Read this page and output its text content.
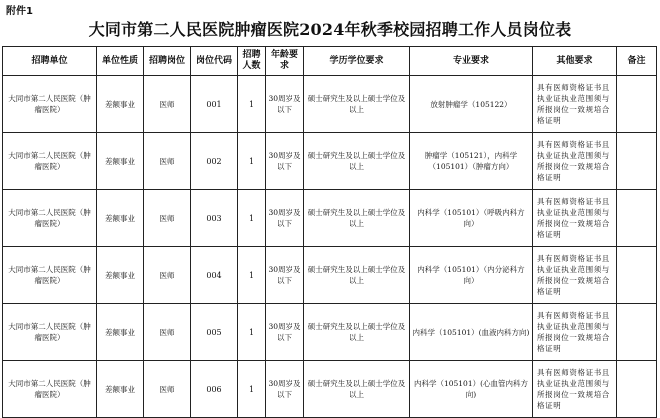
附件1
大同市第二人民医院肿瘤医院2024年秋季校园招聘工作人员岗位表
招聘单位	单位性质	招聘岗位	岗位代码	招聘人数	年龄要求	学历学位要求	专业要求	其他要求	备注
大同市第二人民医院（肿瘤医院）	差额事业	医师	001	1	30周岁及以下	硕士研究生及以上硕士学位及以上	放射肿瘤学（105122）	具有医师资格证书且执业证执业范围须与所报岗位一致规培合格证明	
大同市第二人民医院（肿瘤医院）	差额事业	医师	002	1	30周岁及以下	硕士研究生及以上硕士学位及以上	肿瘤学（105121），内科学（105101）（肿瘤方向）	具有医师资格证书且执业证执业范围须与所报岗位一致规培合格证明	
大同市第二人民医院（肿瘤医院）	差额事业	医师	003	1	30周岁及以下	硕士研究生及以上硕士学位及以上	内科学（105101）（呼吸内科方向）	具有医师资格证书且执业证执业范围须与所报岗位一致规培合格证明	
大同市第二人民医院（肿瘤医院）	差额事业	医师	004	1	30周岁及以下	硕士研究生及以上硕士学位及以上	内科学（105101）（内分泌科方向）	具有医师资格证书且执业证执业范围须与所报岗位一致规培合格证明	
大同市第二人民医院（肿瘤医院）	差额事业	医师	005	1	30周岁及以下	硕士研究生及以上硕士学位及以上	内科学（105101）(血液内科方向)	具有医师资格证书且执业证执业范围须与所报岗位一致规培合格证明	
大同市第二人民医院（肿瘤医院）	差额事业	医师	006	1	30周岁及以下	硕士研究生及以上硕士学位及以上	内科学（105101）(心血管内科方向)	具有医师资格证书且执业证执业范围须与所报岗位一致规培合格证明	
